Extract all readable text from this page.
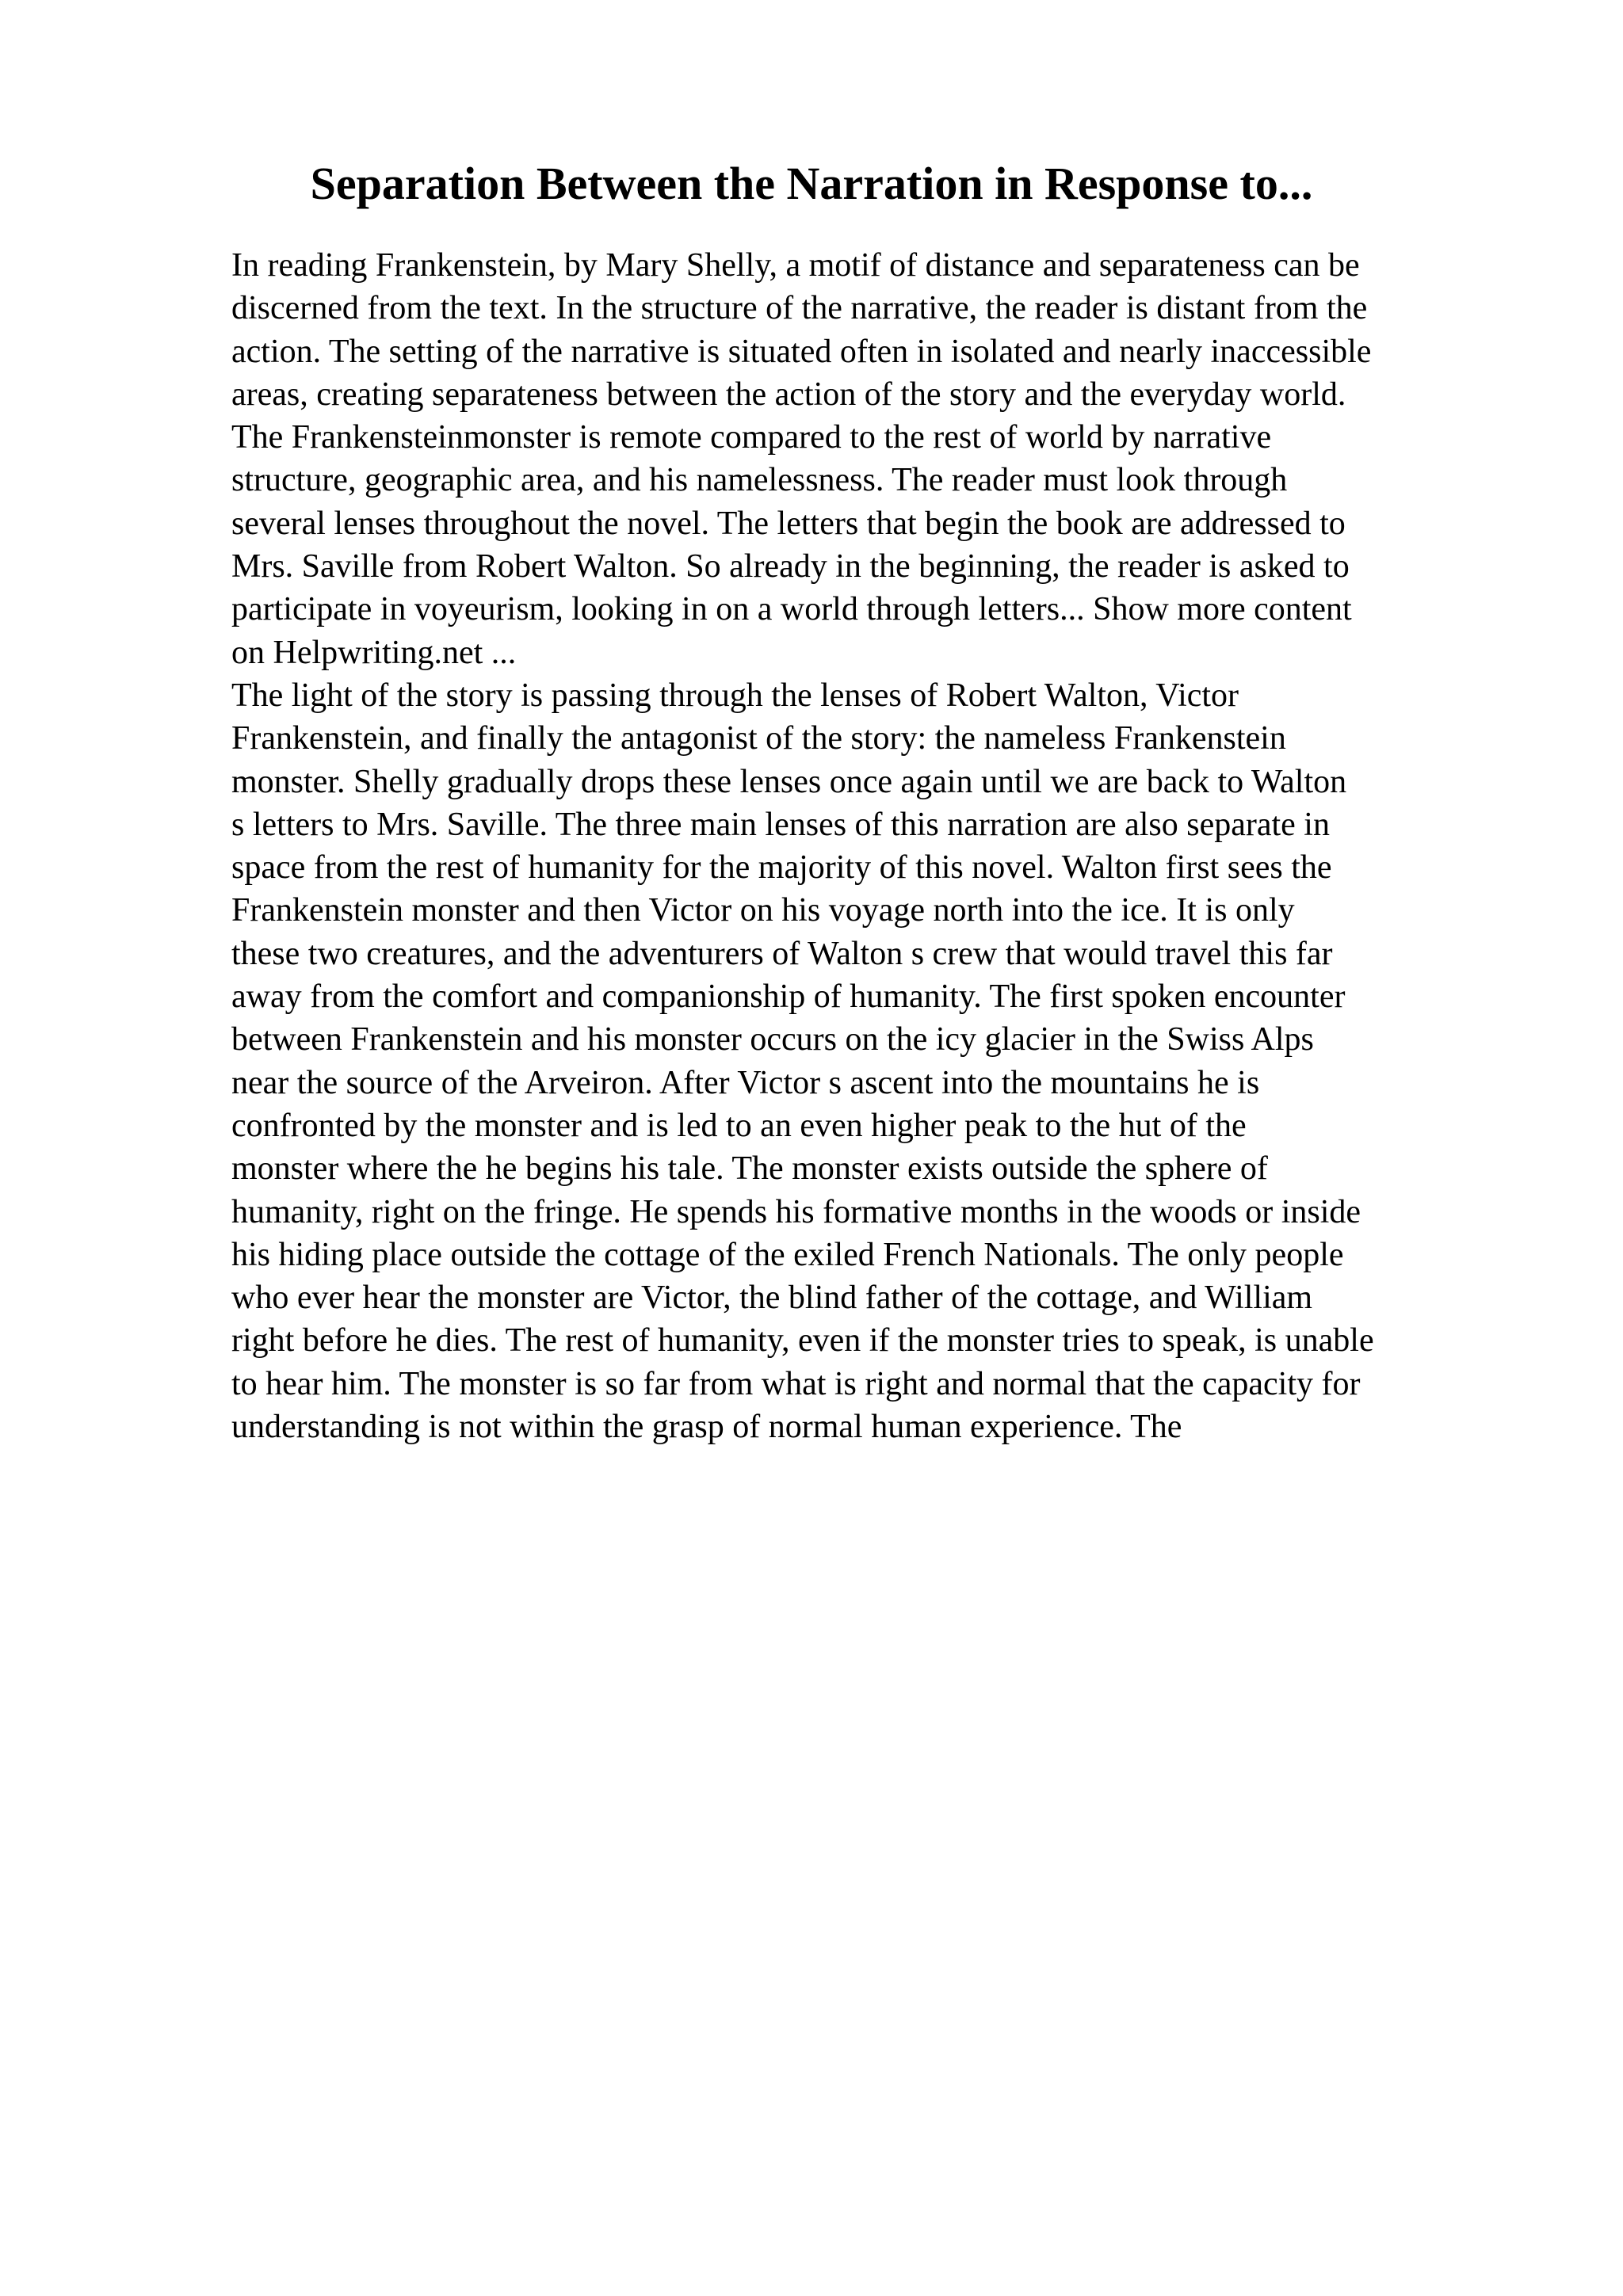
Separation Between the Narration in Response to...
In reading Frankenstein, by Mary Shelly, a motif of distance and separateness can be
discerned from the text. In the structure of the narrative, the reader is distant from the
action. The setting of the narrative is situated often in isolated and nearly inaccessible
areas, creating separateness between the action of the story and the everyday world.
The Frankensteinmonster is remote compared to the rest of world by narrative
structure, geographic area, and his namelessness. The reader must look through
several lenses throughout the novel. The letters that begin the book are addressed to
Mrs. Saville from Robert Walton. So already in the beginning, the reader is asked to
participate in voyeurism, looking in on a world through letters... Show more content
on Helpwriting.net ...
The light of the story is passing through the lenses of Robert Walton, Victor
Frankenstein, and finally the antagonist of the story: the nameless Frankenstein
monster. Shelly gradually drops these lenses once again until we are back to Walton
s letters to Mrs. Saville. The three main lenses of this narration are also separate in
space from the rest of humanity for the majority of this novel. Walton first sees the
Frankenstein monster and then Victor on his voyage north into the ice. It is only
these two creatures, and the adventurers of Walton s crew that would travel this far
away from the comfort and companionship of humanity. The first spoken encounter
between Frankenstein and his monster occurs on the icy glacier in the Swiss Alps
near the source of the Arveiron. After Victor s ascent into the mountains he is
confronted by the monster and is led to an even higher peak to the hut of the
monster where the he begins his tale. The monster exists outside the sphere of
humanity, right on the fringe. He spends his formative months in the woods or inside
his hiding place outside the cottage of the exiled French Nationals. The only people
who ever hear the monster are Victor, the blind father of the cottage, and William
right before he dies. The rest of humanity, even if the monster tries to speak, is unable
to hear him. The monster is so far from what is right and normal that the capacity for
understanding is not within the grasp of normal human experience. The
